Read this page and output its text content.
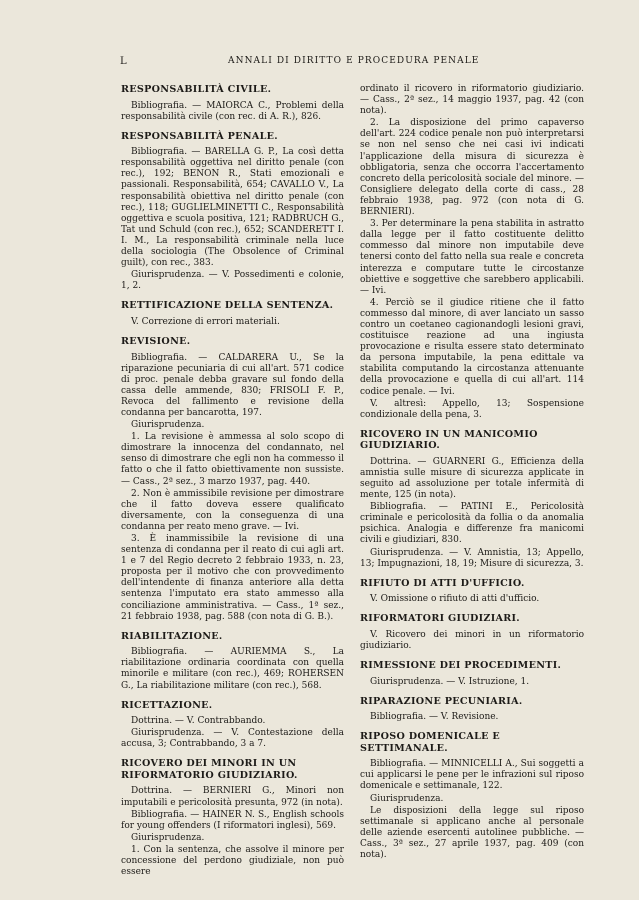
L	ANNALI DI DIRITTO E PROCEDURA PENALE
RESPONSABILITÀ CIVILE.

Bibliografia. — MAIORCA C., Problemi della responsabilità civile (con rec. di A. R.), 826.

RESPONSABILITÀ PENALE.

Bibliografia. — BARELLA G. P., La così detta responsabilità oggettiva nel diritto penale (con rec.), 192; BENON R., Stati emozionali e passionali. Responsabilità, 654; CAVALLO V., La responsabilità obiettiva nel diritto penale (con rec.), 118; GUGLIELMINETTI C., Responsabilità oggettiva e scuola positiva, 121; RADBRUCH G., Tat und Schuld (con rec.), 652; SCANDERETT I. I. M., La responsabilità criminale nella luce della sociologia (The Obsolence of Criminal guilt), con rec., 383.

Giurisprudenza. — V. Possedimenti e colonie, 1, 2.

RETTIFICAZIONE DELLA SENTENZA.

V. Correzione di errori materiali.

REVISIONE.

Bibliografia. — CALDARERA U., Se la riparazione pecuniaria di cui all'art. 571 codice di proc. penale debba gravare sul fondo della cassa delle ammende, 830; FRISOLI F. P., Revoca del fallimento e revisione della condanna per bancarotta, 197.

Giurisprudenza.

1. La revisione è ammessa al solo scopo di dimostrare la innocenza del condannato, nel senso di dimostrare che egli non ha commesso il fatto o che il fatto obiettivamente non sussiste. — Cass., 2ª sez., 3 marzo 1937, pag. 440.

2. Non è ammissibile revisione per dimostrare che il fatto doveva essere qualificato diversamente, con la conseguenza di una condanna per reato meno grave. — Ivi.

3. È inammissibile la revisione di una sentenza di condanna per il reato di cui agli art. 1 e 7 del Regio decreto 2 febbraio 1933, n. 23, proposta per il motivo che con provvedimento dell'intendente di finanza anteriore alla detta sentenza l'imputato era stato ammesso alla conciliazione amministrativa. — Cass., 1ª sez., 21 febbraio 1938, pag. 588 (con nota di G. B.).

RIABILITAZIONE.

Bibliografia. — AURIEMMA S., La riabilitazione ordinaria coordinata con quella minorile e militare (con rec.), 469; ROHERSEN G., La riabilitazione militare (con rec.), 568.

RICETTAZIONE.

Dottrina. — V. Contrabbando.

Giurisprudenza. — V. Contestazione della accusa, 3; Contrabbando, 3 a 7.

RICOVERO DEI MINORI IN UN RIFORMATORIO GIUDIZIARIO.

Dottrina. — BERNIERI G., Minori non imputabili e pericolosità presunta, 972 (in nota).

Bibliografia. — HAINER N. S., English schools for young offenders (I riformatori inglesi), 569.

Giurisprudenza.

1. Con la sentenza, che assolve il minore per concessione del perdono giudiziale, non può essere

ordinato il ricovero in riformatorio giudiziario. — Cass., 2ª sez., 14 maggio 1937, pag. 42 (con nota).

2. La disposizione del primo capaverso dell'art. 224 codice penale non può interpretarsi se non nel senso che nei casi ivi indicati l'applicazione della misura di sicurezza è obbligatoria, senza che occorra l'accertamento concreto della pericolosità sociale del minore. — Consigliere delegato della corte di cass., 28 febbraio 1938, pag. 972 (con nota di G. BERNIERI).

3. Per determinare la pena stabilita in astratto dalla legge per il fatto costituente delitto commesso dal minore non imputabile deve tenersi conto del fatto nella sua reale e concreta interezza e computare tutte le circostanze obiettive e soggettive che sarebbero applicabili. — Ivi.

4. Perciò se il giudice ritiene che il fatto commesso dal minore, di aver lanciato un sasso contro un coetaneo cagionandogli lesioni gravi, costituisce reazione ad una ingiusta provocazione e risulta essere stato determinato da persona imputabile, la pena edittale va stabilita computando la circostanza attenuante della provocazione e quella di cui all'art. 114 codice penale. — Ivi.

V. altresì: Appello, 13; Sospensione condizionale della pena, 3.

RICOVERO IN UN MANICOMIO GIUDIZIARIO.

Dottrina. — GUARNERI G., Efficienza della amnistia sulle misure di sicurezza applicate in seguito ad assoluzione per totale infermità di mente, 125 (in nota).

Bibliografia. — PATINI E., Pericolosità criminale e pericolosità da follia o da anomalia psichica. Analogia e differenze fra manicomi civili e giudiziari, 830.

Giurisprudenza. — V. Amnistia, 13; Appello, 13; Impugnazioni, 18, 19; Misure di sicurezza, 3.

RIFIUTO DI ATTI D'UFFICIO.

V. Omissione o rifiuto di atti d'ufficio.

RIFORMATORI GIUDIZIARI.

V. Ricovero dei minori in un riformatorio giudiziario.

RIMESSIONE DEI PROCEDIMENTI.

Giurisprudenza. — V. Istruzione, 1.

RIPARAZIONE PECUNIARIA.

Bibliografia. — V. Revisione.

RIPOSO DOMENICALE E SETTIMANALE.

Bibliografia. — MINNICELLI A., Sui soggetti a cui applicarsi le pene per le infrazioni sul riposo domenicale e settimanale, 122.

Giurisprudenza.

Le disposizioni della legge sul riposo settimanale si applicano anche al personale delle aziende esercenti autolinee pubbliche. — Cass., 3ª sez., 27 aprile 1937, pag. 409 (con nota).
